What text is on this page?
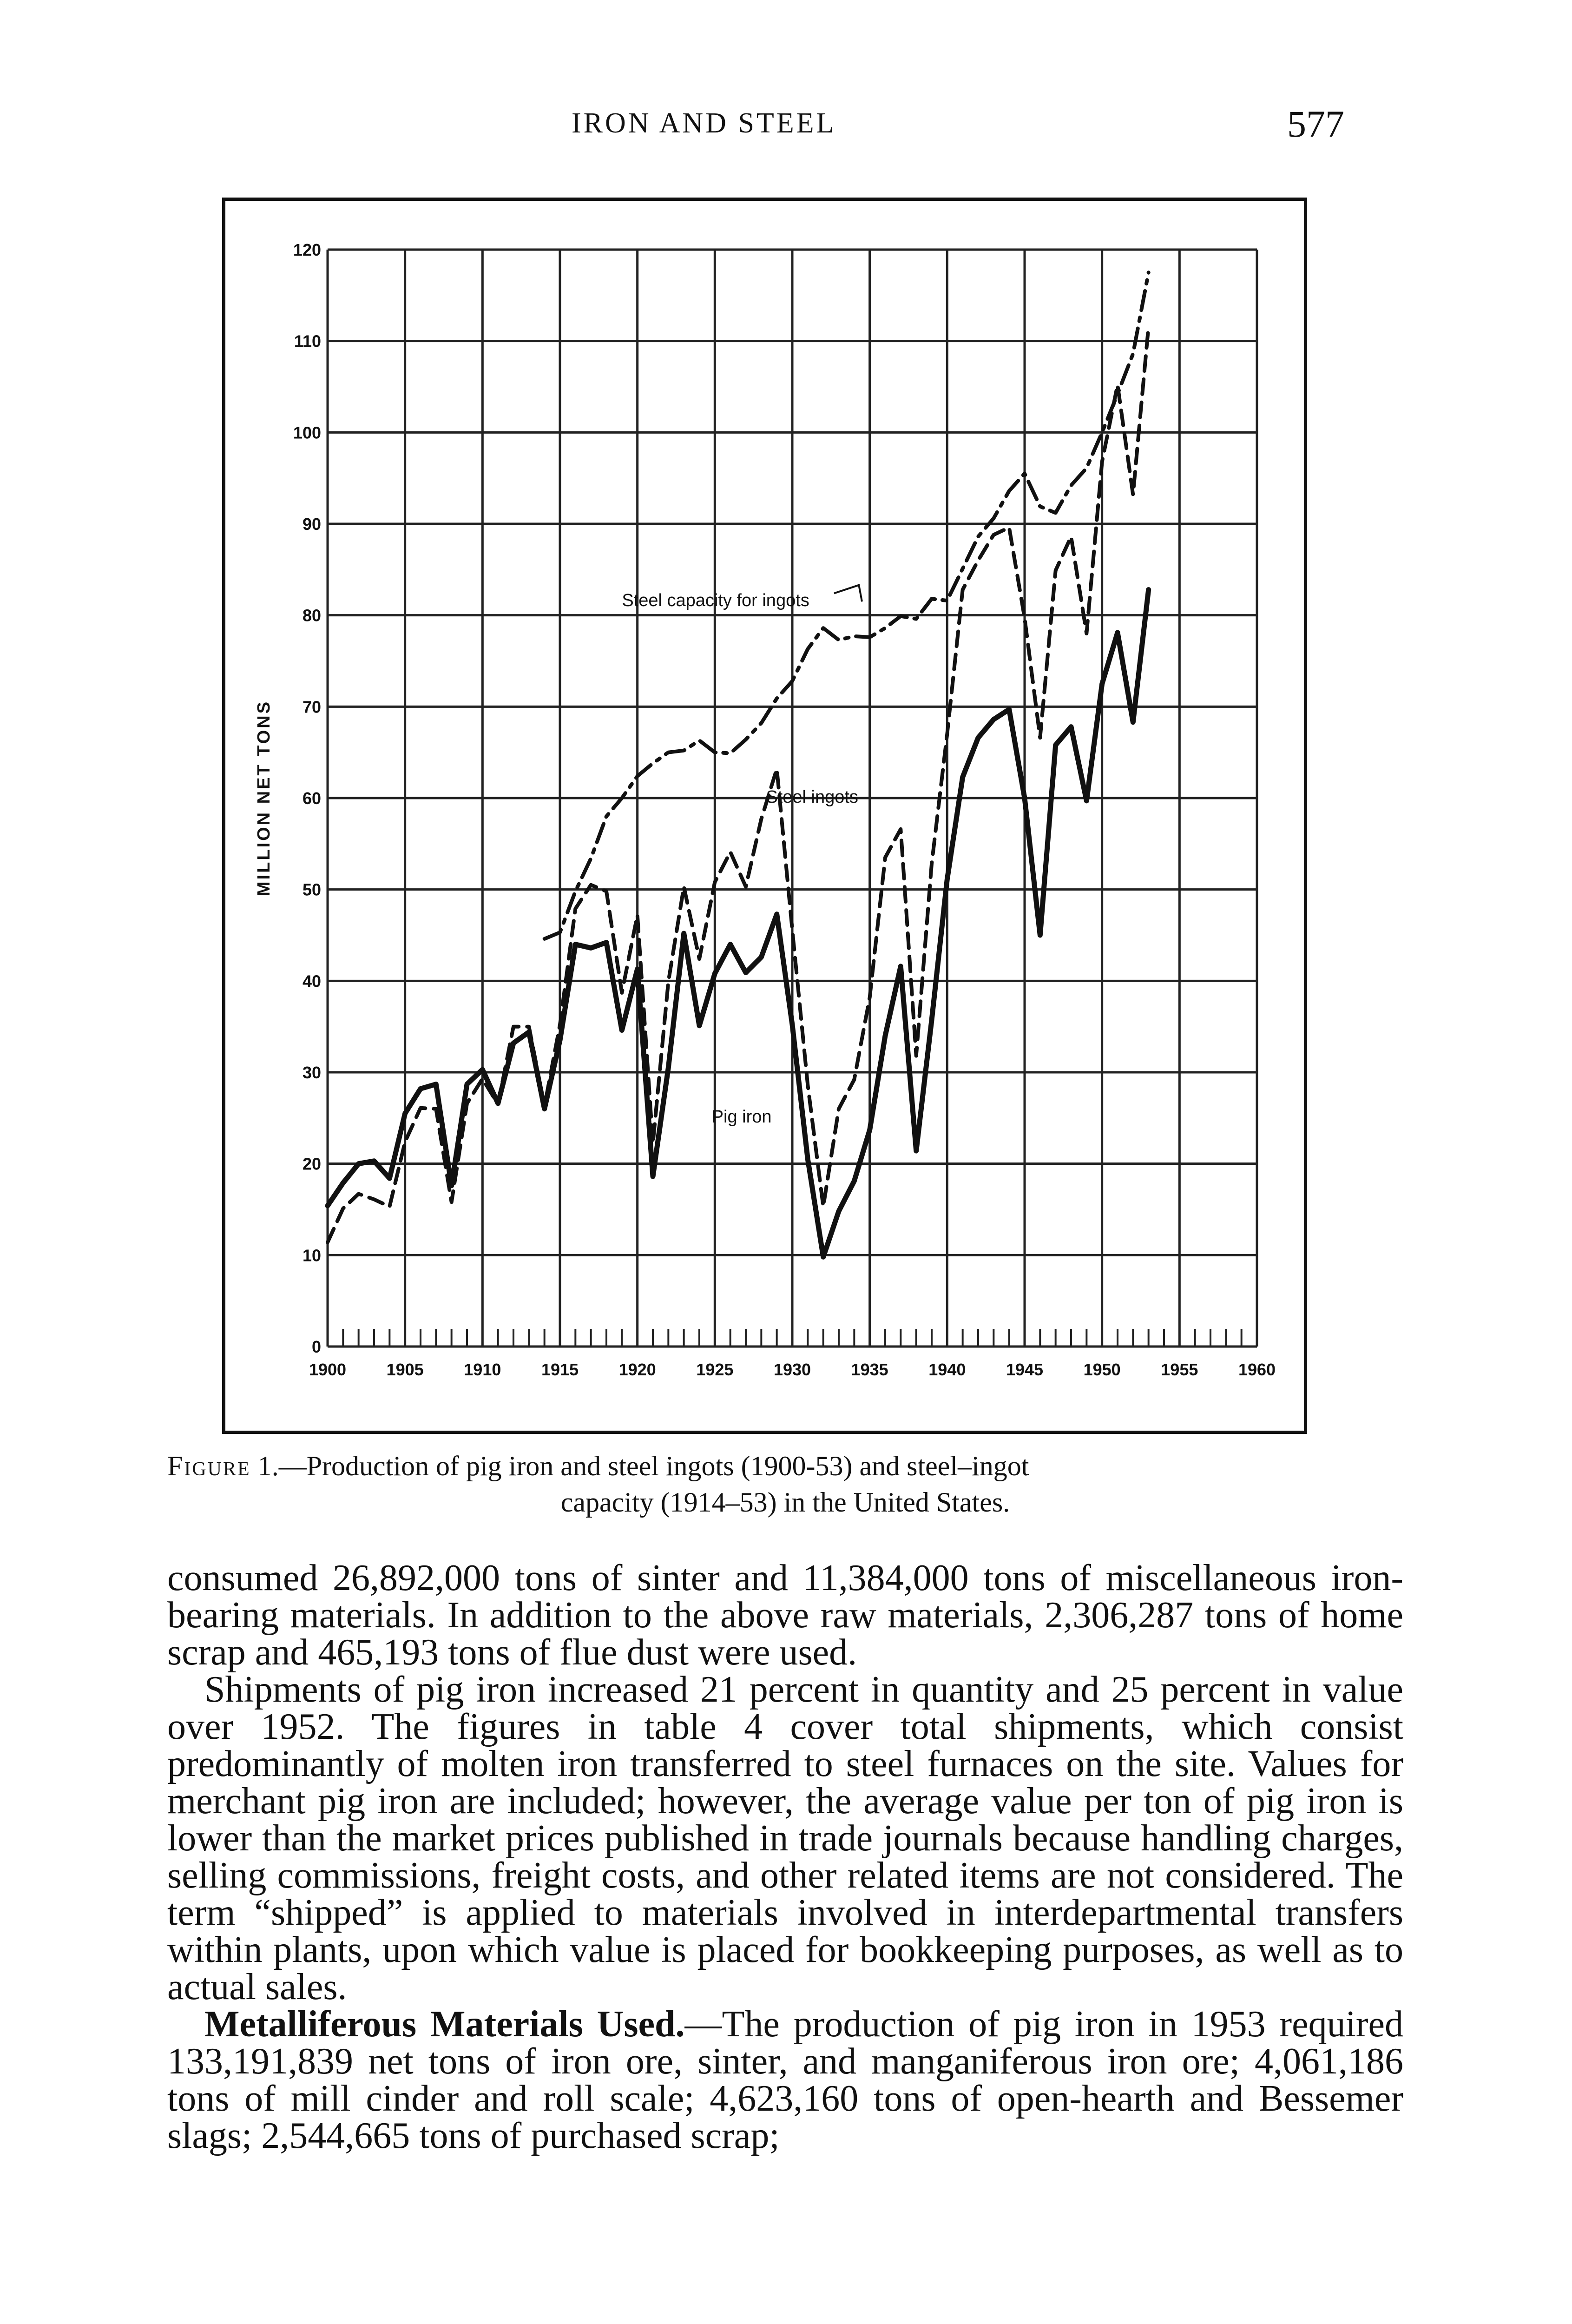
IRON AND STEEL	577
1900 1905 1910 1915 1920 1925 1930 1935 1940 1945 1950 1955 1960
0
10
20
30
40
50
60
70
80
90
100
110
120
MILLION NET TONS
Steel capacity for ingots
Steel ingots
Pig iron

Figure 1.—Production of pig iron and steel ingots (1900-53) and steel–ingot

capacity (1914–53) in the United States.

consumed 26,892,000 tons of sinter and 11,384,000 tons of miscellaneous iron-bearing materials. In addition to the above raw materials, 2,306,287 tons of home scrap and 465,193 tons of flue dust were used.

Shipments of pig iron increased 21 percent in quantity and 25 percent in value over 1952. The figures in table 4 cover total shipments, which consist predominantly of molten iron transferred to steel furnaces on the site. Values for merchant pig iron are included; however, the average value per ton of pig iron is lower than the market prices published in trade journals because handling charges, selling commissions, freight costs, and other related items are not considered. The term “shipped” is applied to materials involved in interdepartmental transfers within plants, upon which value is placed for bookkeeping purposes, as well as to actual sales.

Metalliferous Materials Used.—The production of pig iron in 1953 required 133,191,839 net tons of iron ore, sinter, and manganiferous iron ore; 4,061,186 tons of mill cinder and roll scale; 4,623,160 tons of open-hearth and Bessemer slags; 2,544,665 tons of purchased scrap;
